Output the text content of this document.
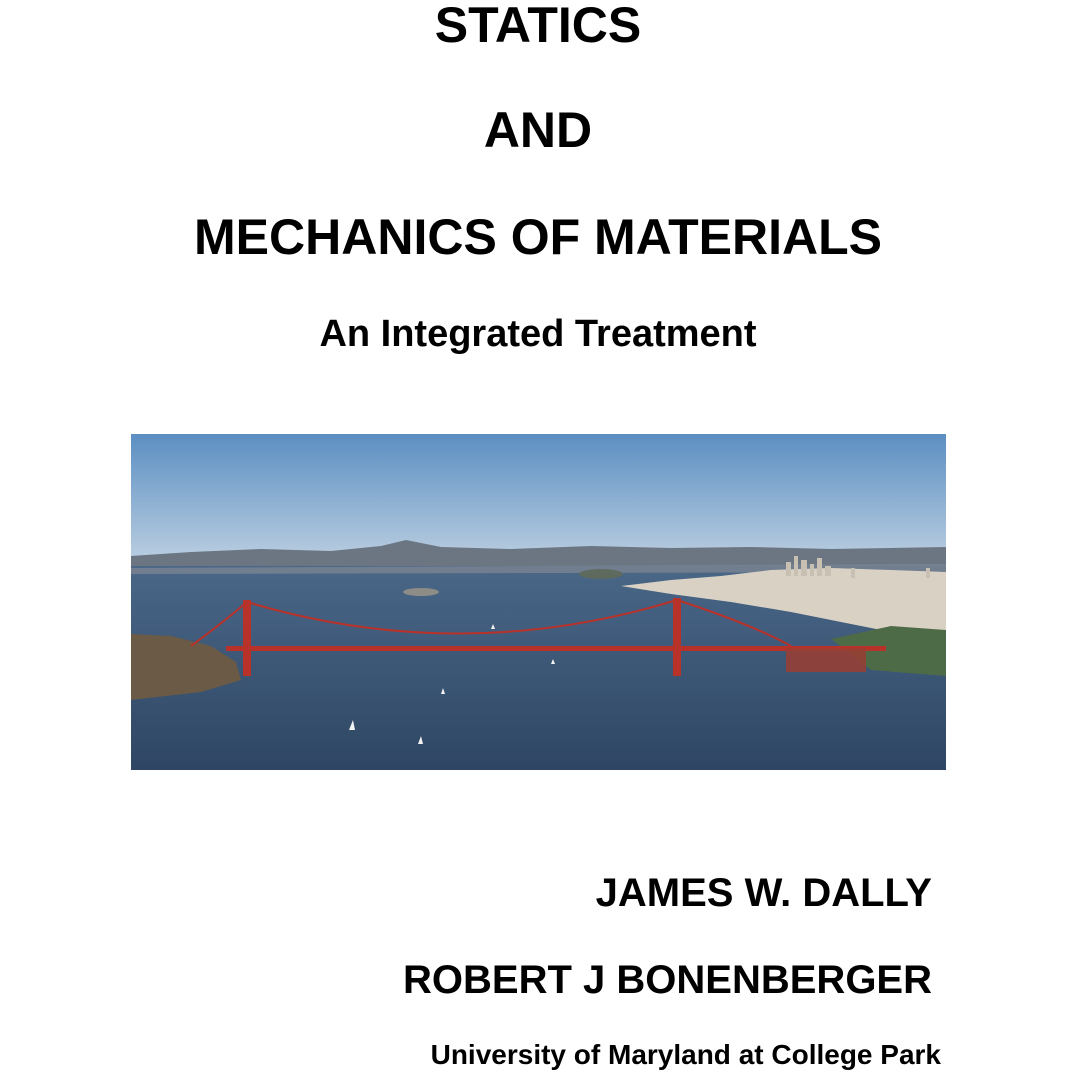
STATICS
AND
MECHANICS OF MATERIALS
An Integrated Treatment
JAMES W. DALLY
ROBERT J BONENBERGER
University of Maryland at College Park
